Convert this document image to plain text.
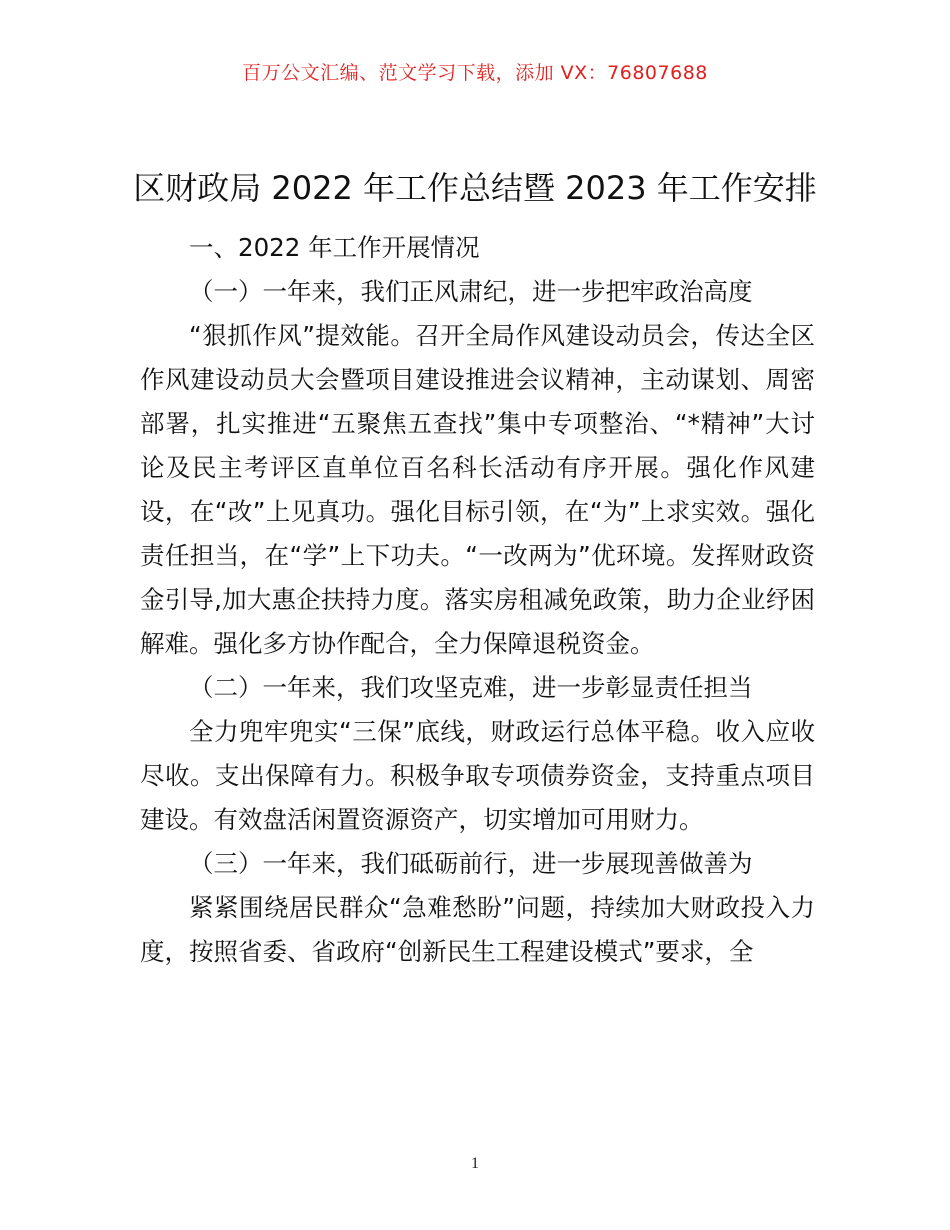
百万公文汇编、范文学习下载，添加 VX：76807688
区财政局 2022 年工作总结暨 2023 年工作安排

一、2022 年工作开展情况

（一）一年来，我们正风肃纪，进一步把牢政治高度

“狠抓作风”提效能。召开全局作风建设动员会，传达全区作风建设动员大会暨项目建设推进会议精神，主动谋划、周密部署，扎实推进“五聚焦五查找”集中专项整治、“*精神”大讨论及民主考评区直单位百名科长活动有序开展。强化作风建设，在“改”上见真功。强化目标引领，在“为”上求实效。强化责任担当，在“学”上下功夫。“一改两为”优环境。发挥财政资金引导,加大惠企扶持力度。落实房租减免政策，助力企业纾困解难。强化多方协作配合，全力保障退税资金。

（二）一年来，我们攻坚克难，进一步彰显责任担当

全力兜牢兜实“三保”底线，财政运行总体平稳。收入应收尽收。支出保障有力。积极争取专项债券资金，支持重点项目建设。有效盘活闲置资源资产，切实增加可用财力。

（三）一年来，我们砥砺前行，进一步展现善做善为

紧紧围绕居民群众“急难愁盼”问题，持续加大财政投入力度，按照省委、省政府“创新民生工程建设模式”要求，全

1
